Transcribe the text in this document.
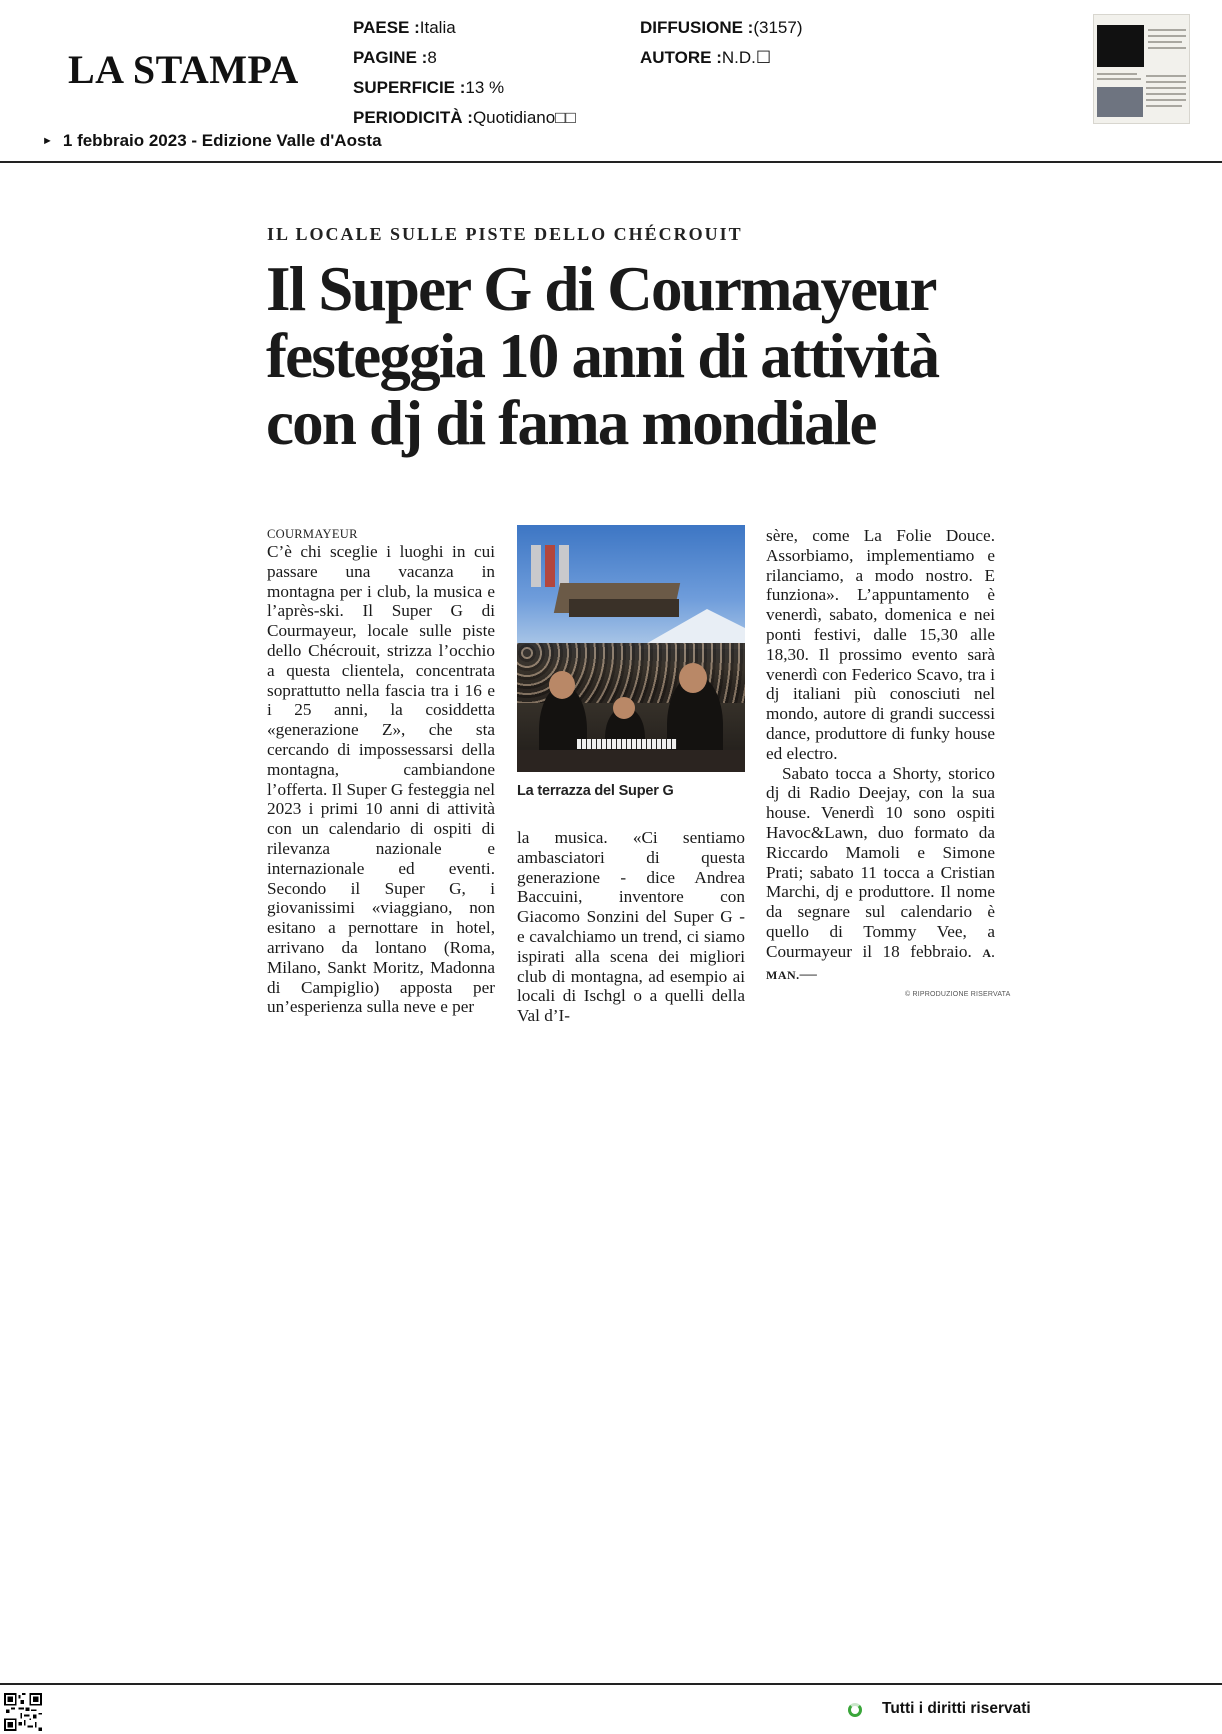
LA STAMPA
PAESE :Italia
PAGINE :8
SUPERFICIE :13 %
PERIODICITÀ :Quotidiano□□
DIFFUSIONE :(3157)
AUTORE :N.D.☐
► 1 febbraio 2023 - Edizione Valle d'Aosta
IL LOCALE SULLE PISTE DELLO CHÉCROUIT
Il Super G di Courmayeur
festeggia 10 anni di attività
con dj di fama mondiale

COURMAYEUR

C’è chi sceglie i luoghi in cui passare una vacanza in montagna per i club, la musica e l’après-ski. Il Super G di Courmayeur, locale sulle piste dello Chécrouit, strizza l’occhio a questa clientela, concentrata soprattutto nella fascia tra i 16 e i 25 anni, la cosiddetta «generazione Z», che sta cercando di impossessarsi della montagna, cambiandone l’offerta. Il Super G festeggia nel 2023 i primi 10 anni di attività con un calendario di ospiti di rilevanza nazionale e internazionale ed eventi. Secondo il Super G, i giovanissimi «viaggiano, non esitano a pernottare in hotel, arrivano da lontano (Roma, Milano, Sankt Moritz, Madonna di Campiglio) apposta per un’esperienza sulla neve e per

La terrazza del Super G
la musica. «Ci sentiamo ambasciatori di questa generazione - dice Andrea Baccuini, inventore con Giacomo Sonzini del Super G - e cavalchiamo un trend, ci siamo ispirati alla scena dei migliori club di montagna, ad esempio ai locali di Ischgl o a quelli della Val d’I-

sère, come La Folie Douce. Assorbiamo, implementiamo e rilanciamo, a modo nostro. E funziona». L’appuntamento è venerdì, sabato, domenica e nei ponti festivi, dalle 15,30 alle 18,30. Il prossimo evento sarà venerdì con Federico Scavo, tra i dj italiani più conosciuti nel mondo, autore di grandi successi dance, produttore di funky house ed electro.

Sabato tocca a Shorty, storico dj di Radio Deejay, con la sua house. Venerdì 10 sono ospiti Havoc&Lawn, duo formato da Riccardo Mamoli e Simone Prati; sabato 11 tocca a Cristian Marchi, dj e produttore. Il nome da segnare sul calendario è quello di Tommy Vee, a Courmayeur il 18 febbraio. A. MAN.—

© RIPRODUZIONE RISERVATA
Tutti i diritti riservati
